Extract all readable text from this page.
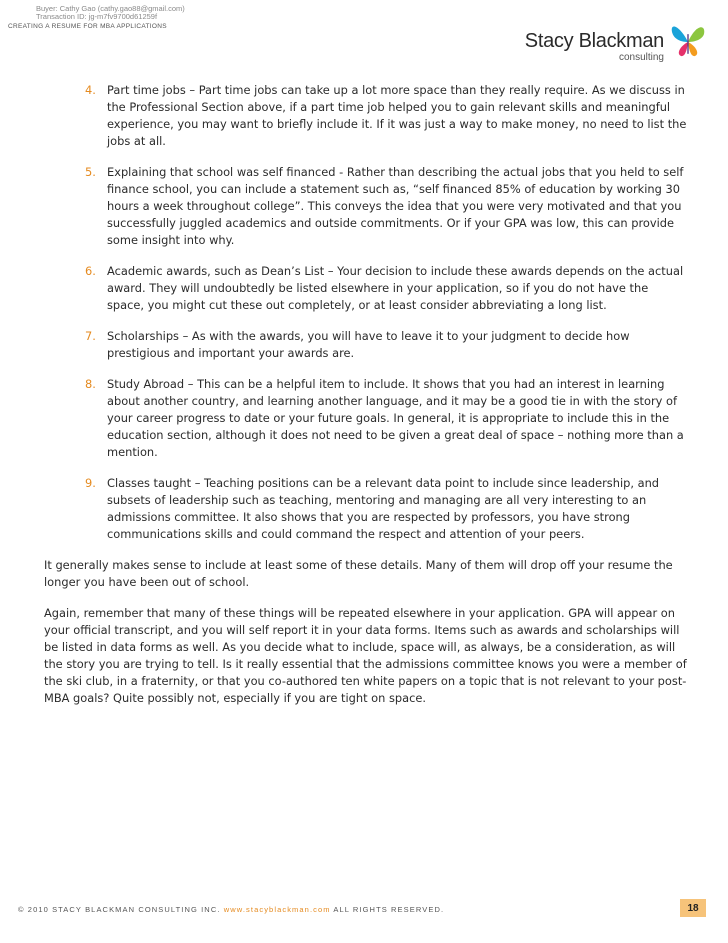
Buyer: Cathy Gao (cathy.gao88@gmail.com)
Transaction ID: jg-m7fv9700d61259f
CREATING A RESUME FOR MBA APPLICATIONS
Stacy Blackman
consulting
4. Part time jobs – Part time jobs can take up a lot more space than they really require. As we discuss in the Professional Section above, if a part time job helped you to gain relevant skills and meaningful experience, you may want to briefly include it. If it was just a way to make money, no need to list the jobs at all.
5. Explaining that school was self financed - Rather than describing the actual jobs that you held to self finance school, you can include a statement such as, “self financed 85% of education by working 30 hours a week throughout college”. This conveys the idea that you were very motivated and that you successfully juggled academics and outside commitments. Or if your GPA was low, this can provide some insight into why.
6. Academic awards, such as Dean’s List – Your decision to include these awards depends on the actual award. They will undoubtedly be listed elsewhere in your application, so if you do not have the space, you might cut these out completely, or at least consider abbreviating a long list.
7. Scholarships – As with the awards, you will have to leave it to your judgment to decide how prestigious and important your awards are.
8. Study Abroad – This can be a helpful item to include. It shows that you had an interest in learning about another country, and learning another language, and it may be a good tie in with the story of your career progress to date or your future goals. In general, it is appropriate to include this in the education section, although it does not need to be given a great deal of space – nothing more than a mention.
9. Classes taught – Teaching positions can be a relevant data point to include since leadership, and subsets of leadership such as teaching, mentoring and managing are all very interesting to an admissions committee. It also shows that you are respected by professors, you have strong communications skills and could command the respect and attention of your peers.

It generally makes sense to include at least some of these details. Many of them will drop off your resume the longer you have been out of school.

Again, remember that many of these things will be repeated elsewhere in your application. GPA will appear on your official transcript, and you will self report it in your data forms. Items such as awards and scholarships will be listed in data forms as well. As you decide what to include, space will, as always, be a consideration, as will the story you are trying to tell. Is it really essential that the admissions committee knows you were a member of the ski club, in a fraternity, or that you co-authored ten white papers on a topic that is not relevant to your post-MBA goals? Quite possibly not, especially if you are tight on space.

© 2010 STACY BLACKMAN CONSULTING INC. www.stacyblackman.com ALL RIGHTS RESERVED.	18
